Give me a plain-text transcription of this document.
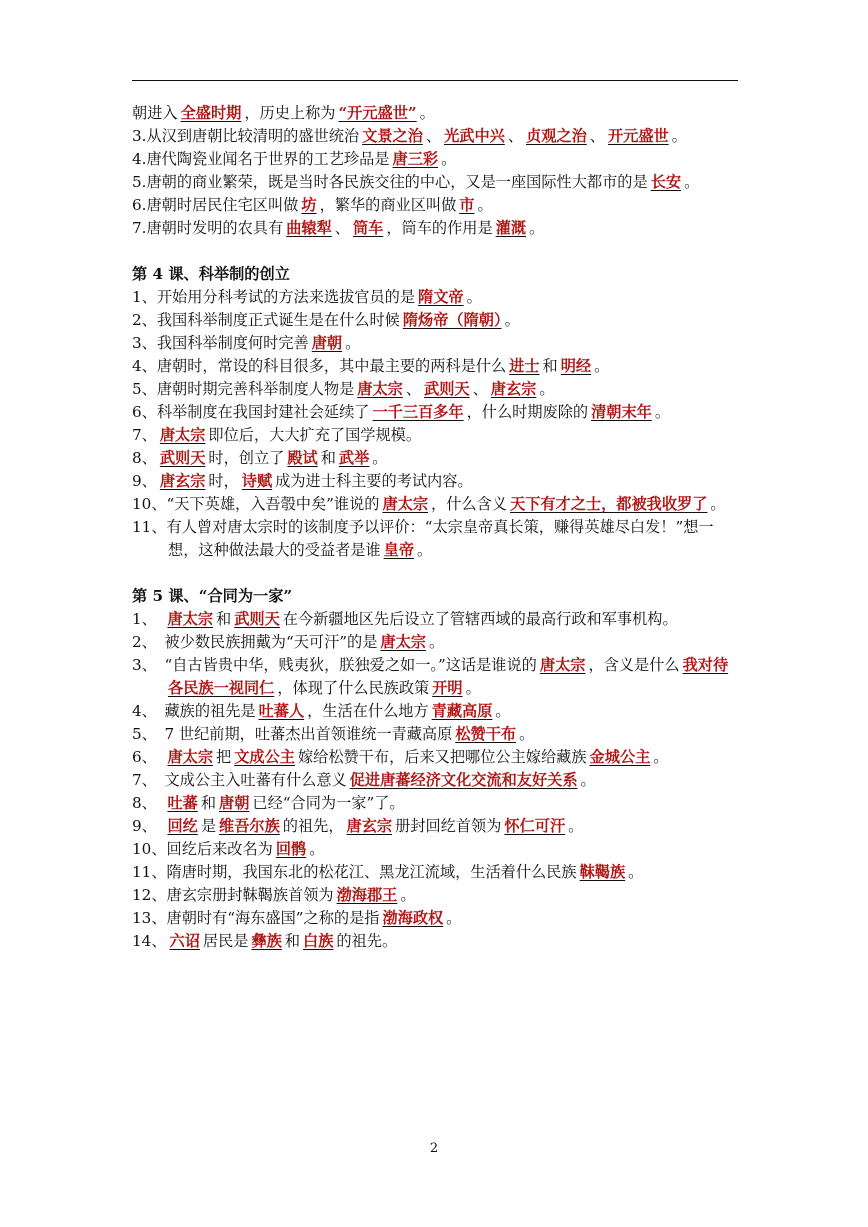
朝进入 全盛时期 ，历史上称为 “开元盛世” 。

3.从汉到唐朝比较清明的盛世统治 文景之治 、 光武中兴 、 贞观之治 、 开元盛世 。

4.唐代陶瓷业闻名于世界的工艺珍品是 唐三彩 。

5.唐朝的商业繁荣，既是当时各民族交往的中心，又是一座国际性大都市的是 长安 。

6.唐朝时居民住宅区叫做 坊 ，繁华的商业区叫做 市 。

7.唐朝时发明的农具有 曲辕犁 、 筒车 ，筒车的作用是 灌溉 。

第 4 课、科举制的创立

1、开始用分科考试的方法来选拔官员的是 隋文帝 。

2、我国科举制度正式诞生是在什么时候 隋炀帝（隋朝） 。

3、我国科举制度何时完善 唐朝 。

4、唐朝时，常设的科目很多，其中最主要的两科是什么 进士 和 明经 。

5、唐朝时期完善科举制度人物是 唐太宗 、 武则天 、 唐玄宗 。

6、科举制度在我国封建社会延续了 一千三百多年 ，什么时期废除的 清朝末年 。

7、 唐太宗 即位后，大大扩充了国学规模。

8、 武则天 时，创立了 殿试 和 武举 。

9、 唐玄宗 时， 诗赋 成为进士科主要的考试内容。

10、“天下英雄，入吾彀中矣”谁说的 唐太宗 ，什么含义 天下有才之士，都被我收罗了 。

11、有人曾对唐太宗时的该制度予以评价：“太宗皇帝真长策，赚得英雄尽白发！”想一想，这种做法最大的受益者是谁 皇帝 。

第 5 课、“合同为一家”

1、　唐太宗 和 武则天 在今新疆地区先后设立了管辖西域的最高行政和军事机构。

2、　被少数民族拥戴为“天可汗”的是 唐太宗 。

3、　“自古皆贵中华，贱夷狄，朕独爱之如一。”这话是谁说的 唐太宗 ，含义是什么 我对待各民族一视同仁 ，体现了什么民族政策 开明 。

4、　藏族的祖先是 吐蕃人 ，生活在什么地方 青藏高原 。

5、　7 世纪前期，吐蕃杰出首领谁统一青藏高原 松赞干布 。

6、　唐太宗 把 文成公主 嫁给松赞干布，后来又把哪位公主嫁给藏族 金城公主 。

7、　文成公主入吐蕃有什么意义 促进唐蕃经济文化交流和友好关系 。

8、　吐蕃 和 唐朝 已经“合同为一家”了。

9、　回纥 是 维吾尔族 的祖先， 唐玄宗 册封回纥首领为 怀仁可汗 。

10、回纥后来改名为 回鹘 。

11、隋唐时期，我国东北的松花江、黑龙江流域，生活着什么民族 靺鞨族 。

12、唐玄宗册封靺鞨族首领为 渤海郡王 。

13、唐朝时有“海东盛国”之称的是指 渤海政权 。

14、 六诏 居民是 彝族 和 白族 的祖先。

2
